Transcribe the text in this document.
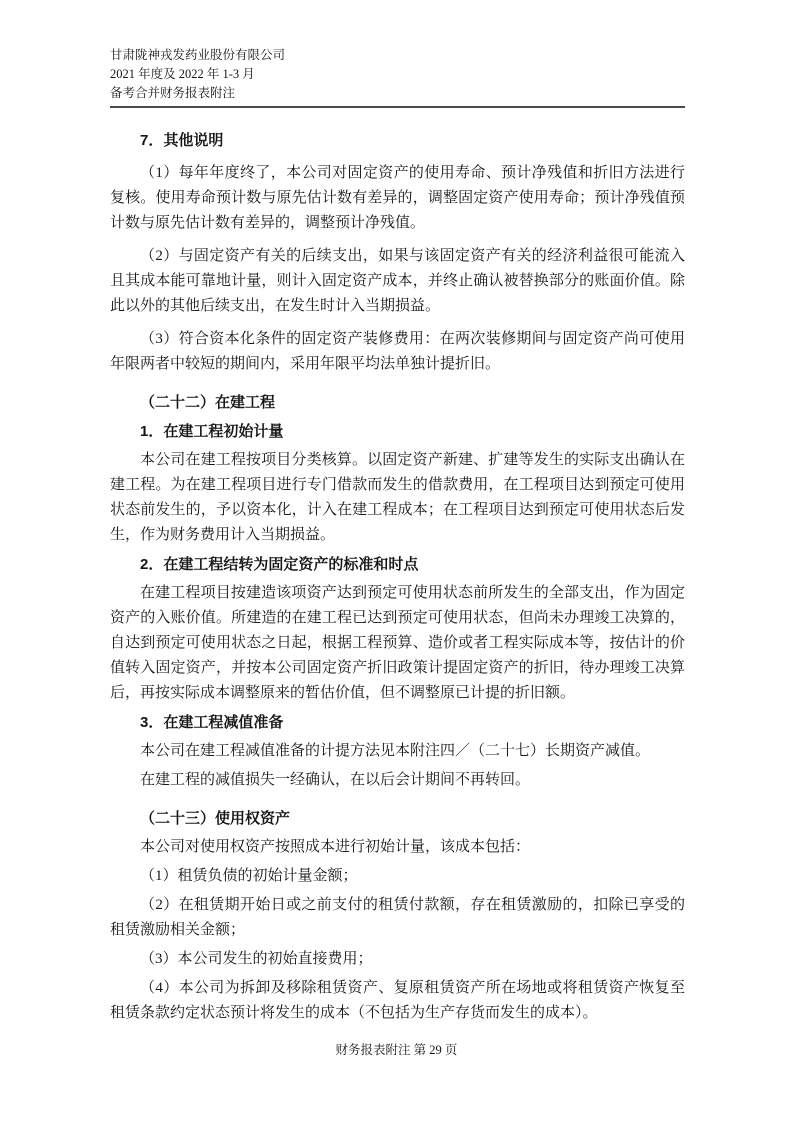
甘肃陇神戎发药业股份有限公司
2021 年度及 2022 年 1-3 月
备考合并财务报表附注
7．其他说明

（1）每年年度终了，本公司对固定资产的使用寿命、预计净残值和折旧方法进行复核。使用寿命预计数与原先估计数有差异的，调整固定资产使用寿命；预计净残值预计数与原先估计数有差异的，调整预计净残值。

（2）与固定资产有关的后续支出，如果与该固定资产有关的经济利益很可能流入且其成本能可靠地计量，则计入固定资产成本，并终止确认被替换部分的账面价值。除此以外的其他后续支出，在发生时计入当期损益。

（3）符合资本化条件的固定资产装修费用：在两次装修期间与固定资产尚可使用年限两者中较短的期间内，采用年限平均法单独计提折旧。

（二十二）在建工程
1．在建工程初始计量

本公司在建工程按项目分类核算。以固定资产新建、扩建等发生的实际支出确认在建工程。为在建工程项目进行专门借款而发生的借款费用，在工程项目达到预定可使用状态前发生的，予以资本化，计入在建工程成本；在工程项目达到预定可使用状态后发生，作为财务费用计入当期损益。

2．在建工程结转为固定资产的标准和时点

在建工程项目按建造该项资产达到预定可使用状态前所发生的全部支出，作为固定资产的入账价值。所建造的在建工程已达到预定可使用状态，但尚未办理竣工决算的，自达到预定可使用状态之日起，根据工程预算、造价或者工程实际成本等，按估计的价值转入固定资产，并按本公司固定资产折旧政策计提固定资产的折旧，待办理竣工决算后，再按实际成本调整原来的暂估价值，但不调整原已计提的折旧额。

3．在建工程减值准备

本公司在建工程减值准备的计提方法见本附注四／（二十七）长期资产减值。

在建工程的减值损失一经确认，在以后会计期间不再转回。

（二十三）使用权资产

本公司对使用权资产按照成本进行初始计量，该成本包括：

（1）租赁负债的初始计量金额；

（2）在租赁期开始日或之前支付的租赁付款额，存在租赁激励的，扣除已享受的租赁激励相关金额；

（3）本公司发生的初始直接费用；

（4）本公司为拆卸及移除租赁资产、复原租赁资产所在场地或将租赁资产恢复至租赁条款约定状态预计将发生的成本（不包括为生产存货而发生的成本）。

财务报表附注 第 29 页
